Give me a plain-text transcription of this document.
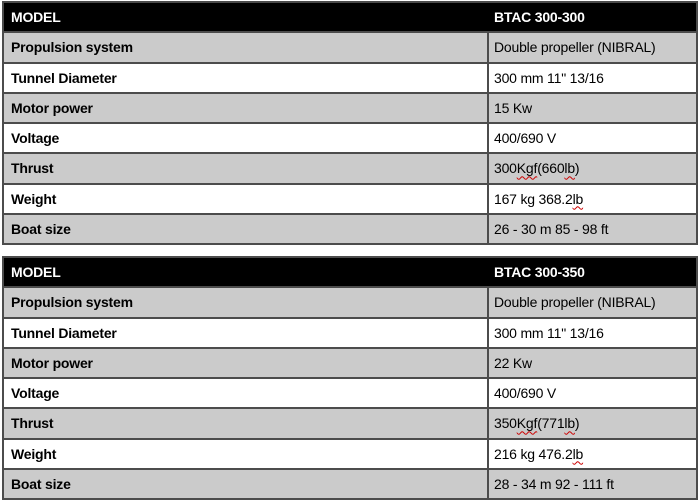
MODEL	BTAC 300-300
Propulsion system	Double propeller (NIBRAL)
Tunnel Diameter	300 mm 11" 13/16
Motor power	15 Kw
Voltage	400/690 V
Thrust	300 Kgf (660 lb )
Weight	167 kg 368.2 lb
Boat size	26 - 30 m 85 - 98 ft
MODEL	BTAC 300-350
Propulsion system	Double propeller (NIBRAL)
Tunnel Diameter	300 mm 11" 13/16
Motor power	22 Kw
Voltage	400/690 V
Thrust	350 Kgf (771 lb )
Weight	216 kg 476.2 lb
Boat size	28 - 34 m 92 - 111 ft
